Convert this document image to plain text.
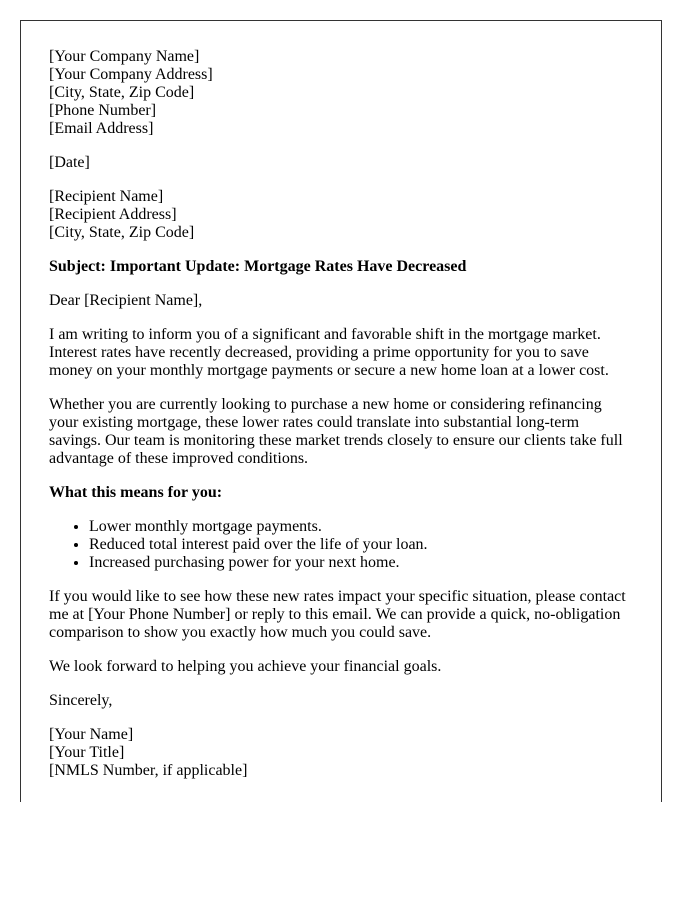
[Your Company Name]
[Your Company Address]
[City, State, Zip Code]
[Phone Number]
[Email Address]

[Date]

[Recipient Name]
[Recipient Address]
[City, State, Zip Code]

Subject: Important Update: Mortgage Rates Have Decreased

Dear [Recipient Name],

I am writing to inform you of a significant and favorable shift in the mortgage market. Interest rates have recently decreased, providing a prime opportunity for you to save money on your monthly mortgage payments or secure a new home loan at a lower cost.

Whether you are currently looking to purchase a new home or considering refinancing your existing mortgage, these lower rates could translate into substantial long-term savings. Our team is monitoring these market trends closely to ensure our clients take full advantage of these improved conditions.

What this means for you:

• Lower monthly mortgage payments.
• Reduced total interest paid over the life of your loan.
• Increased purchasing power for your next home.

If you would like to see how these new rates impact your specific situation, please contact me at [Your Phone Number] or reply to this email. We can provide a quick, no-obligation comparison to show you exactly how much you could save.

We look forward to helping you achieve your financial goals.

Sincerely,

[Your Name]
[Your Title]
[NMLS Number, if applicable]
